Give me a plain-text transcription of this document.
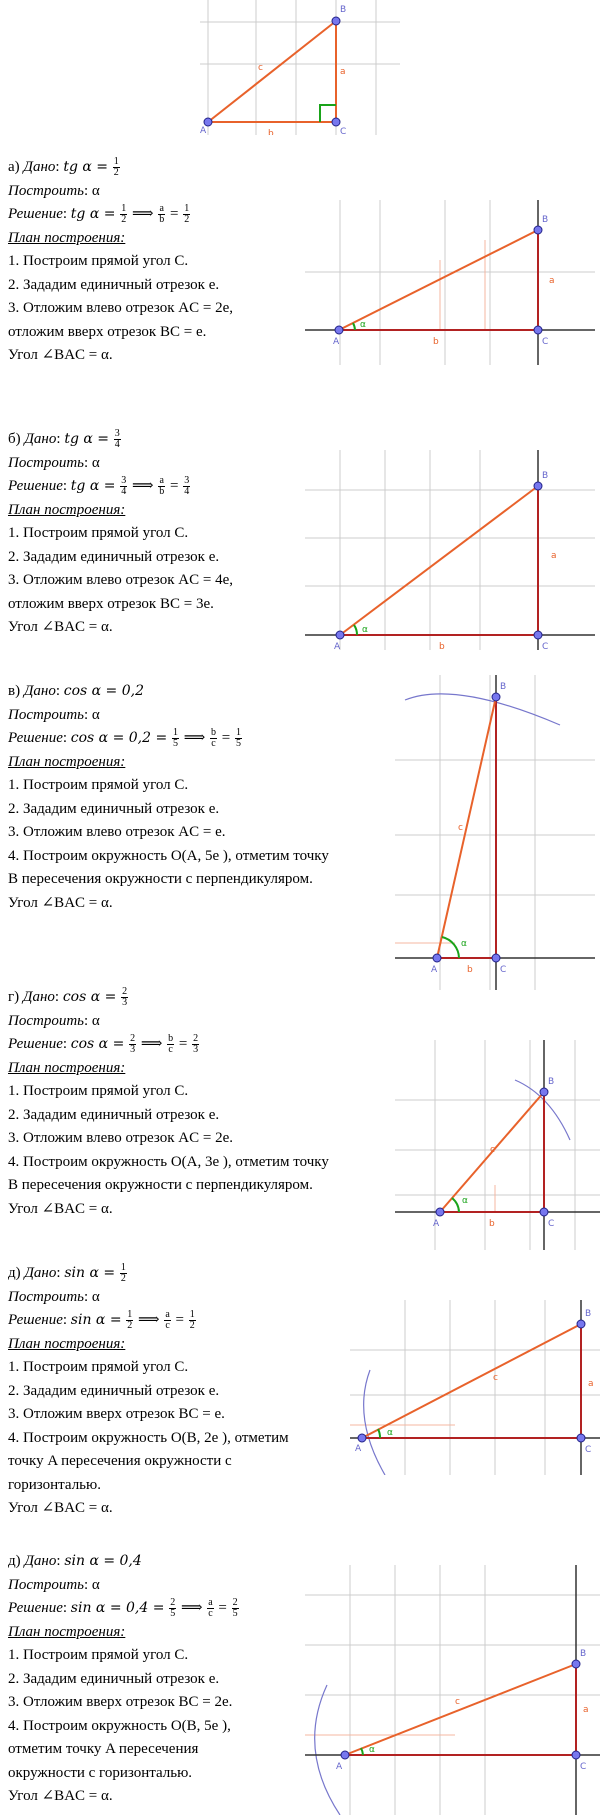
A
B
C
a
b
c
а) Дано: tg $\alpha = \frac{1}{2}$
Построить: α
Решение: tg $\alpha = \frac{1}{2}$ ⟹ $\frac{a}{b} = \frac{1}{2}$
План построения:
1. Построим прямой угол C.
2. Зададим единичный отрезок e.
3. Отложим влево отрезок AC = 2e,
отложим вверх отрезок BC = e.
Угол ∠BAC = α.
A
B
C
a
b
α
б) Дано: tg $\alpha = \frac{3}{4}$
Построить: α
Решение: tg $\alpha = \frac{3}{4}$ ⟹ $\frac{a}{b} = \frac{3}{4}$
План построения:
1. Построим прямой угол C.
2. Зададим единичный отрезок e.
3. Отложим влево отрезок AC = 4e,
отложим вверх отрезок BC = 3e.
Угол ∠BAC = α.
A
B
C
a
b
α
в) Дано: cos α = 0,2
Построить: α
Решение: $\cos \alpha = 0,2 = \frac{1}{5}$ ⟹ $\frac{b}{c} = \frac{1}{5}$
План построения:
1. Построим прямой угол C.
2. Зададим единичный отрезок e.
3. Отложим влево отрезок AC = e.
4. Построим окружность O(A, 5e ), отметим точку
B пересечения окружности с перпендикуляром.
Угол ∠BAC = α.
A
B
C
b
c
α
г) Дано: $\cos \alpha = \frac{2}{3}$
Построить: α
Решение: $\cos \alpha = \frac{2}{3}$ ⟹ $\frac{b}{c} = \frac{2}{3}$
План построения:
1. Построим прямой угол C.
2. Зададим единичный отрезок e.
3. Отложим влево отрезок AC = 2e.
4. Построим окружность O(A, 3e ), отметим точку
B пересечения окружности с перпендикуляром.
Угол ∠BAC = α.
A
B
C
b
c
α
д) Дано: $\sin \alpha = \frac{1}{2}$
Построить: α
Решение: $\sin \alpha = \frac{1}{2}$ ⟹ $\frac{a}{c} = \frac{1}{2}$
План построения:
1. Построим прямой угол C.
2. Зададим единичный отрезок e.
3. Отложим вверх отрезок BC = e.
4. Построим окружность O(B, 2e ), отметим
точку A пересечения окружности с
горизонталью.
Угол ∠BAC = α.
A
B
C
a
c
α
д) Дано: sin α = 0,4
Построить: α
Решение: $\sin \alpha = 0,4 = \frac{2}{5}$ ⟹ $\frac{a}{c} = \frac{2}{5}$
План построения:
1. Построим прямой угол C.
2. Зададим единичный отрезок e.
3. Отложим вверх отрезок BC = 2e.
4. Построим окружность O(B, 5e ),
отметим точку A пересечения
окружности с горизонталью.
Угол ∠BAC = α.
A
B
C
a
c
α
